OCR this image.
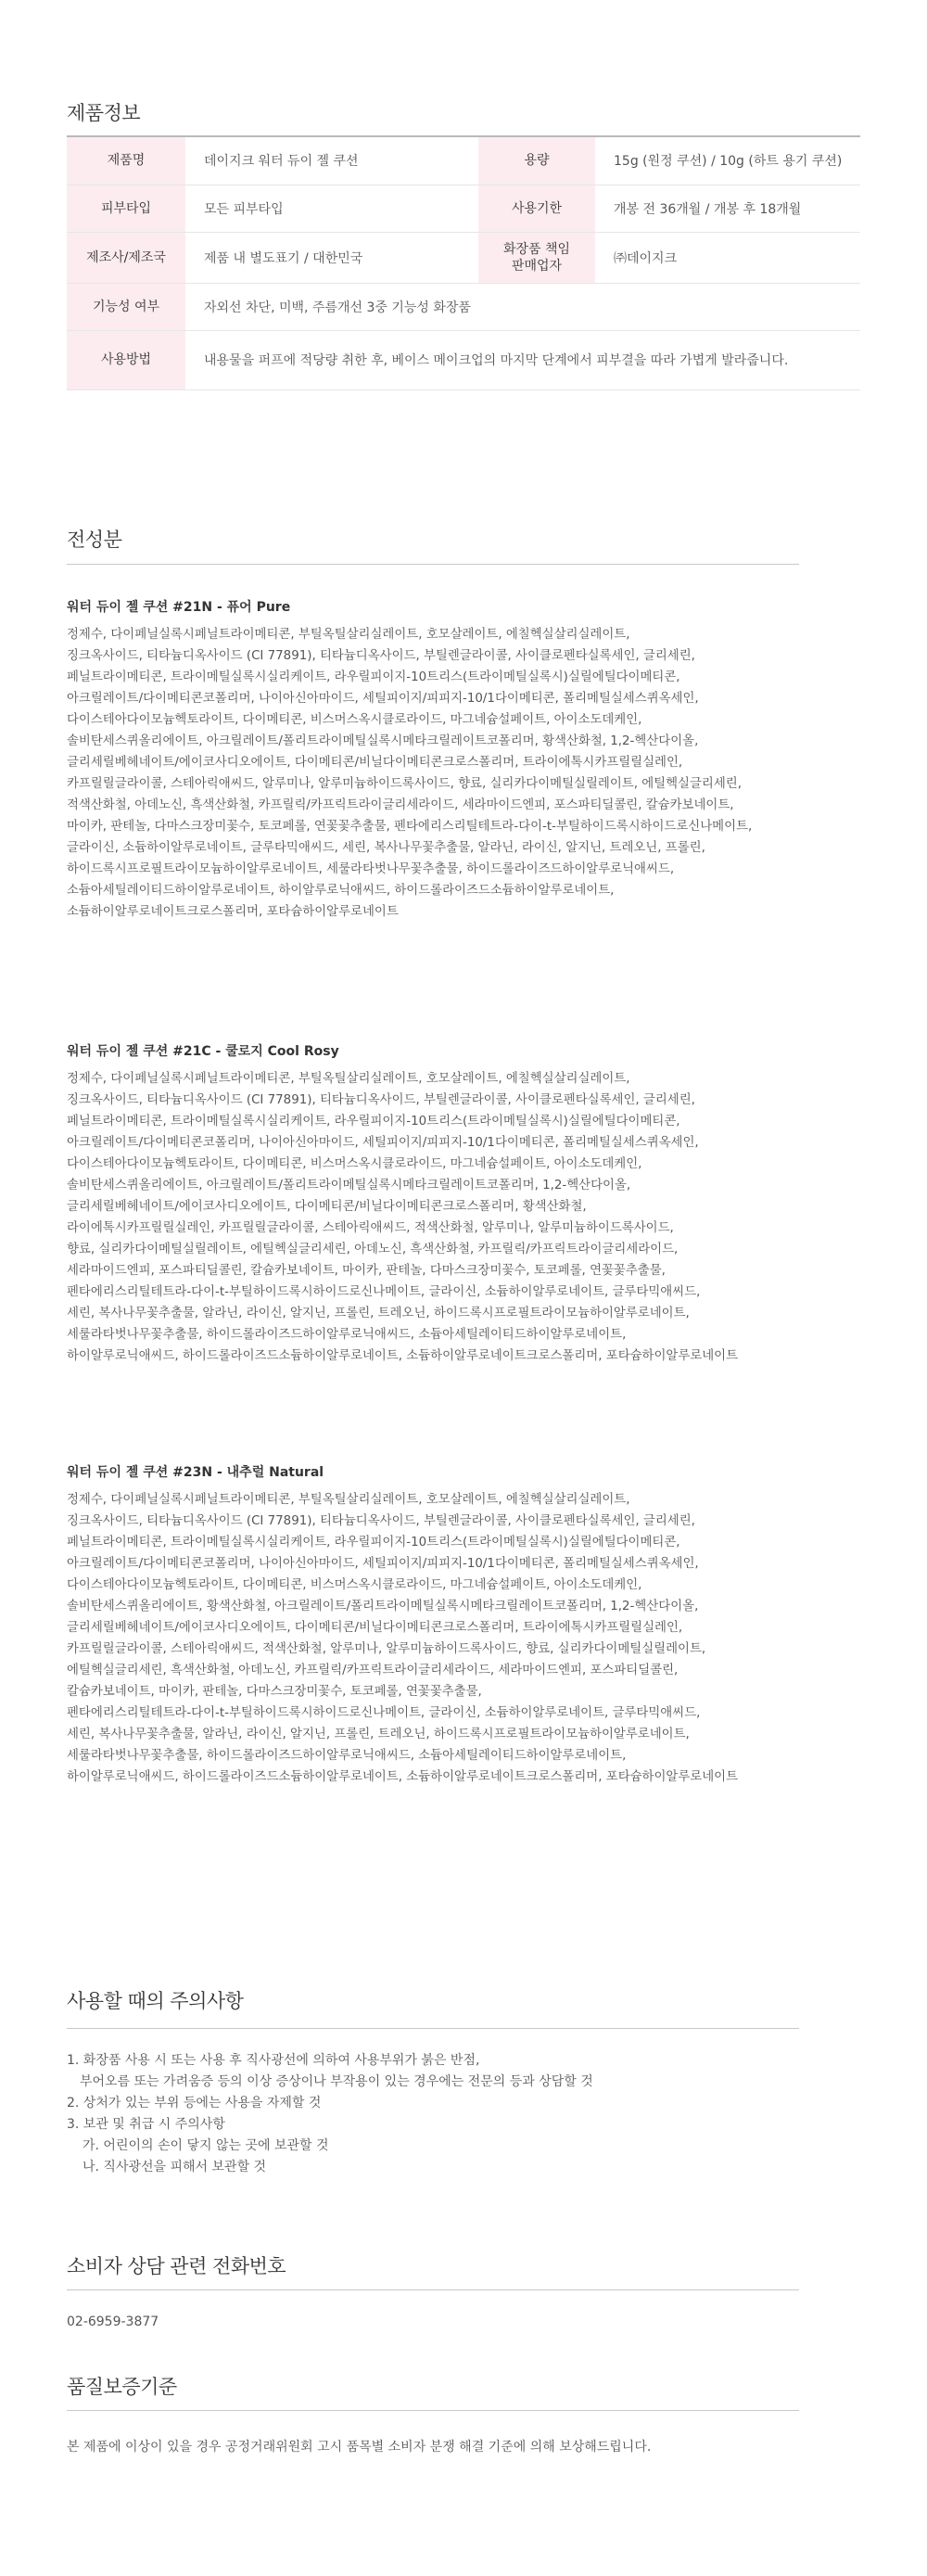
제품정보
제품명	데이지크 워터 듀이 젤 쿠션	용량	15g (원정 쿠션) / 10g (하트 용기 쿠션)
피부타입	모든 피부타입	사용기한	개봉 전 36개월 / 개봉 후 18개월
제조사/제조국	제품 내 별도표기 / 대한민국	화장품 책임판매업자	㈜데이지크
기능성 여부	자외선 차단, 미백, 주름개선 3중 기능성 화장품		
사용방법	내용물을 퍼프에 적당량 취한 후, 베이스 메이크업의 마지막 단계에서 피부결을 따라 가볍게 발라줍니다.		
전성분
워터 듀이 젤 쿠션 #21N - 퓨어 Pure

정제수, 다이페닐실록시페닐트라이메티콘, 부틸옥틸살리실레이트, 호모살레이트, 에칠헥실살리실레이트,
징크옥사이드, 티타늄디옥사이드 (CI 77891), 티타늄디옥사이드, 부틸렌글라이콜, 사이클로펜타실록세인, 글리세린,
페닐트라이메티콘, 트라이메틸실록시실리케이트, 라우릴피이지-10트리스(트라이메틸실록시)실릴에틸다이메티콘,
아크릴레이트/다이메티콘코폴리머, 나이아신아마이드, 세틸피이지/피피지-10/1다이메티콘, 폴리메틸실세스퀴옥세인,
다이스테아다이모늄헥토라이트, 다이메티콘, 비스머스옥시클로라이드, 마그네슘설페이트, 아이소도데케인,
솔비탄세스퀴올리에이트, 아크릴레이트/폴리트라이메틸실록시메타크릴레이트코폴리머, 황색산화철, 1,2-헥산다이올,
글리세릴베헤네이트/에이코사디오에이트, 다이메티콘/비닐다이메티콘크로스폴리머, 트라이에톡시카프릴릴실레인,
카프릴릴글라이콜, 스테아릭애씨드, 알루미나, 알루미늄하이드록사이드, 향료, 실리카다이메틸실릴레이트, 에틸헥실글리세린,
적색산화철, 아데노신, 흑색산화철, 카프릴릭/카프릭트라이글리세라이드, 세라마이드엔피, 포스파티딜콜린, 칼슘카보네이트,
마이카, 판테놀, 다마스크장미꽃수, 토코페롤, 연꽃꽃추출물, 펜타에리스리틸테트라-다이-t-부틸하이드록시하이드로신나메이트,
글라이신, 소듐하이알루로네이트, 글루타믹애씨드, 세린, 복사나무꽃추출물, 알라닌, 라이신, 알지닌, 트레오닌, 프롤린,
하이드록시프로필트라이모늄하이알루로네이트, 세룰라타벗나무꽃추출물, 하이드롤라이즈드하이알루로닉애씨드,
소듐아세틸레이티드하이알루로네이트, 하이알루로닉애씨드, 하이드롤라이즈드소듐하이알루로네이트,
소듐하이알루로네이트크로스폴리머, 포타슘하이알루로네이트

워터 듀이 젤 쿠션 #21C - 쿨로지 Cool Rosy

정제수, 다이페닐실록시페닐트라이메티콘, 부틸옥틸살리실레이트, 호모살레이트, 에칠헥실살리실레이트,
징크옥사이드, 티타늄디옥사이드 (CI 77891), 티타늄디옥사이드, 부틸렌글라이콜, 사이클로펜타실록세인, 글리세린,
페닐트라이메티콘, 트라이메틸실록시실리케이트, 라우릴피이지-10트리스(트라이메틸실록시)실릴에틸다이메티콘,
아크릴레이트/다이메티콘코폴리머, 나이아신아마이드, 세틸피이지/피피지-10/1다이메티콘, 폴리메틸실세스퀴옥세인,
다이스테아다이모늄헥토라이트, 다이메티콘, 비스머스옥시클로라이드, 마그네슘설페이트, 아이소도데케인,
솔비탄세스퀴올리에이트, 아크릴레이트/폴리트라이메틸실록시메타크릴레이트코폴리머, 1,2-헥산다이올,
글리세릴베헤네이트/에이코사디오에이트, 다이메티콘/비닐다이메티콘크로스폴리머, 황색산화철,
라이에톡시카프릴릴실레인, 카프릴릴글라이콜, 스테아릭애씨드, 적색산화철, 알루미나, 알루미늄하이드록사이드,
향료, 실리카다이메틸실릴레이트, 에틸헥실글리세린, 아데노신, 흑색산화철, 카프릴릭/카프릭트라이글리세라이드,
세라마이드엔피, 포스파티딜콜린, 칼슘카보네이트, 마이카, 판테놀, 다마스크장미꽃수, 토코페롤, 연꽃꽃추출물,
펜타에리스리틸테트라-다이-t-부틸하이드록시하이드로신나메이트, 글라이신, 소듐하이알루로네이트, 글루타믹애씨드,
세린, 복사나무꽃추출물, 알라닌, 라이신, 알지닌, 프롤린, 트레오닌, 하이드록시프로필트라이모늄하이알루로네이트,
세룰라타벗나무꽃추출물, 하이드롤라이즈드하이알루로닉애씨드, 소듐아세틸레이티드하이알루로네이트,
하이알루로닉애씨드, 하이드롤라이즈드소듐하이알루로네이트, 소듐하이알루로네이트크로스폴리머, 포타슘하이알루로네이트

워터 듀이 젤 쿠션 #23N - 내추럴 Natural

정제수, 다이페닐실록시페닐트라이메티콘, 부틸옥틸살리실레이트, 호모살레이트, 에칠헥실살리실레이트,
징크옥사이드, 티타늄디옥사이드 (CI 77891), 티타늄디옥사이드, 부틸렌글라이콜, 사이클로펜타실록세인, 글리세린,
페닐트라이메티콘, 트라이메틸실록시실리케이트, 라우릴피이지-10트리스(트라이메틸실록시)실릴에틸다이메티콘,
아크릴레이트/다이메티콘코폴리머, 나이아신아마이드, 세틸피이지/피피지-10/1다이메티콘, 폴리메틸실세스퀴옥세인,
다이스테아다이모늄헥토라이트, 다이메티콘, 비스머스옥시클로라이드, 마그네슘설페이트, 아이소도데케인,
솔비탄세스퀴올리에이트, 황색산화철, 아크릴레이트/폴리트라이메틸실록시메타크릴레이트코폴리머, 1,2-헥산다이올,
글리세릴베헤네이트/에이코사디오에이트, 다이메티콘/비닐다이메티콘크로스폴리머, 트라이에톡시카프릴릴실레인,
카프릴릴글라이콜, 스테아릭애씨드, 적색산화철, 알루미나, 알루미늄하이드록사이드, 향료, 실리카다이메틸실릴레이트,
에틸헥실글리세린, 흑색산화철, 아데노신, 카프릴릭/카프릭트라이글리세라이드, 세라마이드엔피, 포스파티딜콜린,
칼슘카보네이트, 마이카, 판테놀, 다마스크장미꽃수, 토코페롤, 연꽃꽃추출물,
펜타에리스리틸테트라-다이-t-부틸하이드록시하이드로신나메이트, 글라이신, 소듐하이알루로네이트, 글루타믹애씨드,
세린, 복사나무꽃추출물, 알라닌, 라이신, 알지닌, 프롤린, 트레오닌, 하이드록시프로필트라이모늄하이알루로네이트,
세룰라타벗나무꽃추출물, 하이드롤라이즈드하이알루로닉애씨드, 소듐아세틸레이티드하이알루로네이트,
하이알루로닉애씨드, 하이드롤라이즈드소듐하이알루로네이트, 소듐하이알루로네이트크로스폴리머, 포타슘하이알루로네이트

사용할 때의 주의사항
1. 화장품 사용 시 또는 사용 후 직사광선에 의하여 사용부위가 붉은 반점,
부어오름 또는 가려움증 등의 이상 증상이나 부작용이 있는 경우에는 전문의 등과 상담할 것
2. 상처가 있는 부위 등에는 사용을 자제할 것
3. 보관 및 취급 시 주의사항
가. 어린이의 손이 닿지 않는 곳에 보관할 것
나. 직사광선을 피해서 보관할 것
소비자 상담 관련 전화번호
02-6959-3877
품질보증기준
본 제품에 이상이 있을 경우 공정거래위원회 고시 품목별 소비자 분쟁 해결 기준에 의해 보상해드립니다.
